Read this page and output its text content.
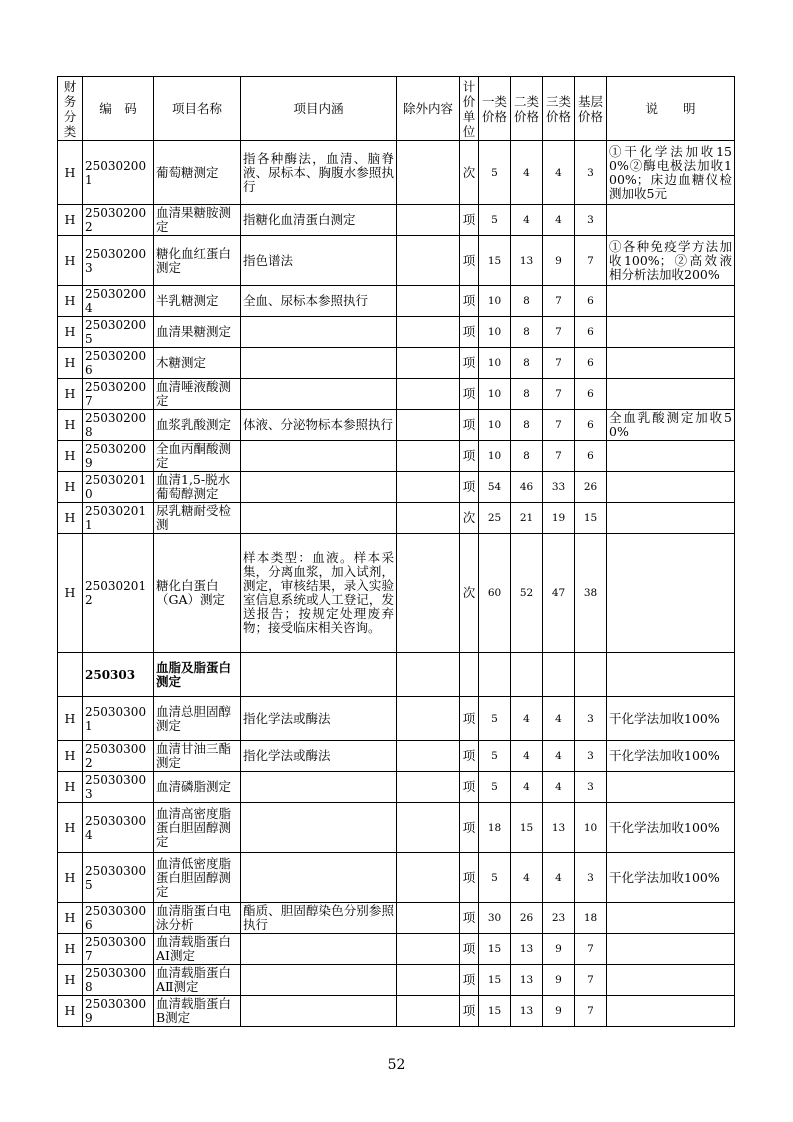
财务分类	编　码	项目名称	项目内涵	除外内容	计价单位	一类价格	二类价格	三类价格	基层价格	说　　明
H	250302001	葡萄糖测定	指各种酶法，血清、脑脊液、尿标本、胸腹水参照执行		次	5	4	4	3	①干化学法加收150%②酶电极法加收100%；床边血糖仪检测加收5元
H	250302002	血清果糖胺测定	指糖化血清蛋白测定		项	5	4	4	3	
H	250302003	糖化血红蛋白测定	指色谱法		项	15	13	9	7	①各种免疫学方法加收100%；②高效液相分析法加收200%
H	250302004	半乳糖测定	全血、尿标本参照执行		项	10	8	7	6	
H	250302005	血清果糖测定			项	10	8	7	6	
H	250302006	木糖测定			项	10	8	7	6	
H	250302007	血清唾液酸测定			项	10	8	7	6	
H	250302008	血浆乳酸测定	体液、分泌物标本参照执行		项	10	8	7	6	全血乳酸测定加收50%
H	250302009	全血丙酮酸测定			项	10	8	7	6	
H	250302010	血清1,5-脱水葡萄醇测定			项	54	46	33	26	
H	250302011	尿乳糖耐受检测			次	25	21	19	15	
H	250302012	糖化白蛋白（GA）测定	样本类型：血液。样本采集，分离血浆，加入试剂，测定，审核结果，录入实验室信息系统或人工登记，发送报告；按规定处理废弃物；接受临床相关咨询。		次	60	52	47	38	
	250303	血脂及脂蛋白测定								
H	250303001	血清总胆固醇测定	指化学法或酶法		项	5	4	4	3	干化学法加收100%
H	250303002	血清甘油三酯测定	指化学法或酶法		项	5	4	4	3	干化学法加收100%
H	250303003	血清磷脂测定			项	5	4	4	3	
H	250303004	血清高密度脂蛋白胆固醇测定			项	18	15	13	10	干化学法加收100%
H	250303005	血清低密度脂蛋白胆固醇测定			项	5	4	4	3	干化学法加收100%
H	250303006	血清脂蛋白电泳分析	酯质、胆固醇染色分别参照执行		项	30	26	23	18	
H	250303007	血清载脂蛋白AⅠ测定			项	15	13	9	7	
H	250303008	血清载脂蛋白AⅡ测定			项	15	13	9	7	
H	250303009	血清载脂蛋白B测定			项	15	13	9	7	
52
